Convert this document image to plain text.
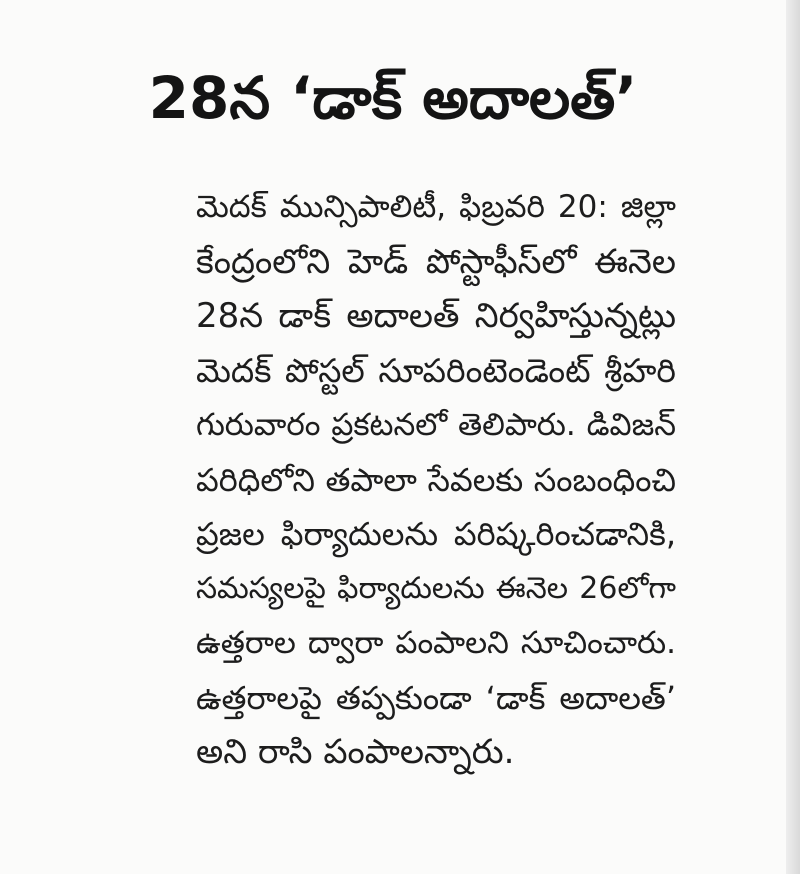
28న ‘డాక్‌ అదాలత్‌’
మెదక్‌ మున్సిపాలిటీ, ఫిబ్రవరి 20: జిల్లా
కేంద్రంలోని హెడ్‌ పోస్టాఫీస్‌లో ఈనెల
28న డాక్‌ అదాలత్‌ నిర్వహిస్తున్నట్లు
మెదక్‌ పోస్టల్‌ సూపరింటెండెంట్‌ శ్రీహరి
గురువారం ప్రకటనలో తెలిపారు. డివిజన్‌
పరిధిలోని తపాలా సేవలకు సంబంధించి
ప్రజల ఫిర్యాదులను పరిష్కరించడానికి,
సమస్యలపై ఫిర్యాదులను ఈనెల 26లోగా
ఉత్తరాల ద్వారా పంపాలని సూచించారు.
ఉత్తరాలపై తప్పకుండా ‘డాక్‌ అదాలత్‌’
అని రాసి పంపాలన్నారు.
